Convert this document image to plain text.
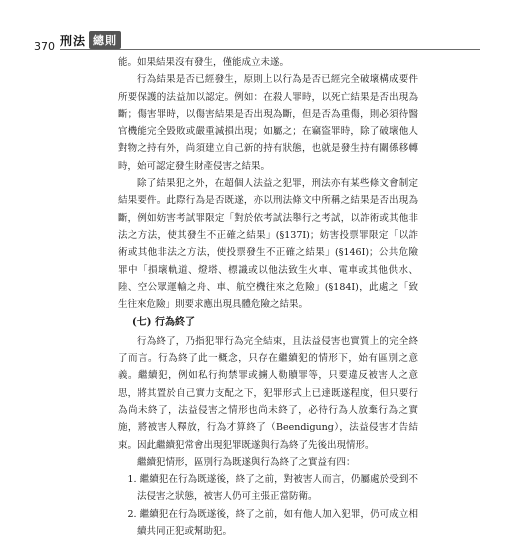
370 刑法 總則

能。如果結果沒有發生，僅能成立未遂。

行為結果是否已經發生，原則上以行為是否已經完全破壞構成要件所要保護的法益加以認定。例如：在殺人罪時，以死亡結果是否出現為斷；傷害罪時，以傷害結果是否出現為斷，但是否為重傷，則必須待醫官機能完全毀敗或嚴重減損出現；如屬之；在竊盜罪時，除了破壞他人對物之持有外，尚須建立自己新的持有狀態，也就是發生持有關係移轉時，始可認定發生財產侵害之結果。

除了結果犯之外，在超個人法益之犯罪，刑法亦有某些條文會制定結果要件。此際行為是否既遂，亦以刑法條文中所稱之結果是否出現為斷，例如妨害考試罪限定「對於依考試法舉行之考試，以詐術或其他非法之方法，使其發生不正確之結果」(§137I)；妨害投票罪限定「以詐術或其他非法之方法，使投票發生不正確之結果」(§146I)；公共危險罪中「損壞軌道、燈塔、標識或以他法致生火車、電車或其他供水、陸、空公眾運輸之舟、車、航空機往來之危險」(§184I)，此處之「致生往來危險」則要求應出現具體危險之結果。

(七) 行為終了

行為終了，乃指犯罪行為完全結束，且法益侵害也實質上的完全終了而言。行為終了此一概念，只存在繼續犯的情形下，始有區別之意義。繼續犯，例如私行拘禁罪或擄人勒贖罪等，只要違反被害人之意思，將其置於自己實力支配之下，犯罪形式上已達既遂程度，但只要行為尚未終了，法益侵害之情形也尚未終了，必待行為人放棄行為之實施，將被害人釋放，行為才算終了（Beendigung），法益侵害才告結束。因此繼續犯常會出現犯罪既遂與行為終了先後出現情形。

繼續犯情形，區別行為既遂與行為終了之實益有四：

1. 繼續犯在行為既遂後，終了之前，對被害人而言，仍屬處於受到不法侵害之狀態，被害人仍可主張正當防衛。

2. 繼續犯在行為既遂後，終了之前，如有他人加入犯罪，仍可成立相續共同正犯或幫助犯。
